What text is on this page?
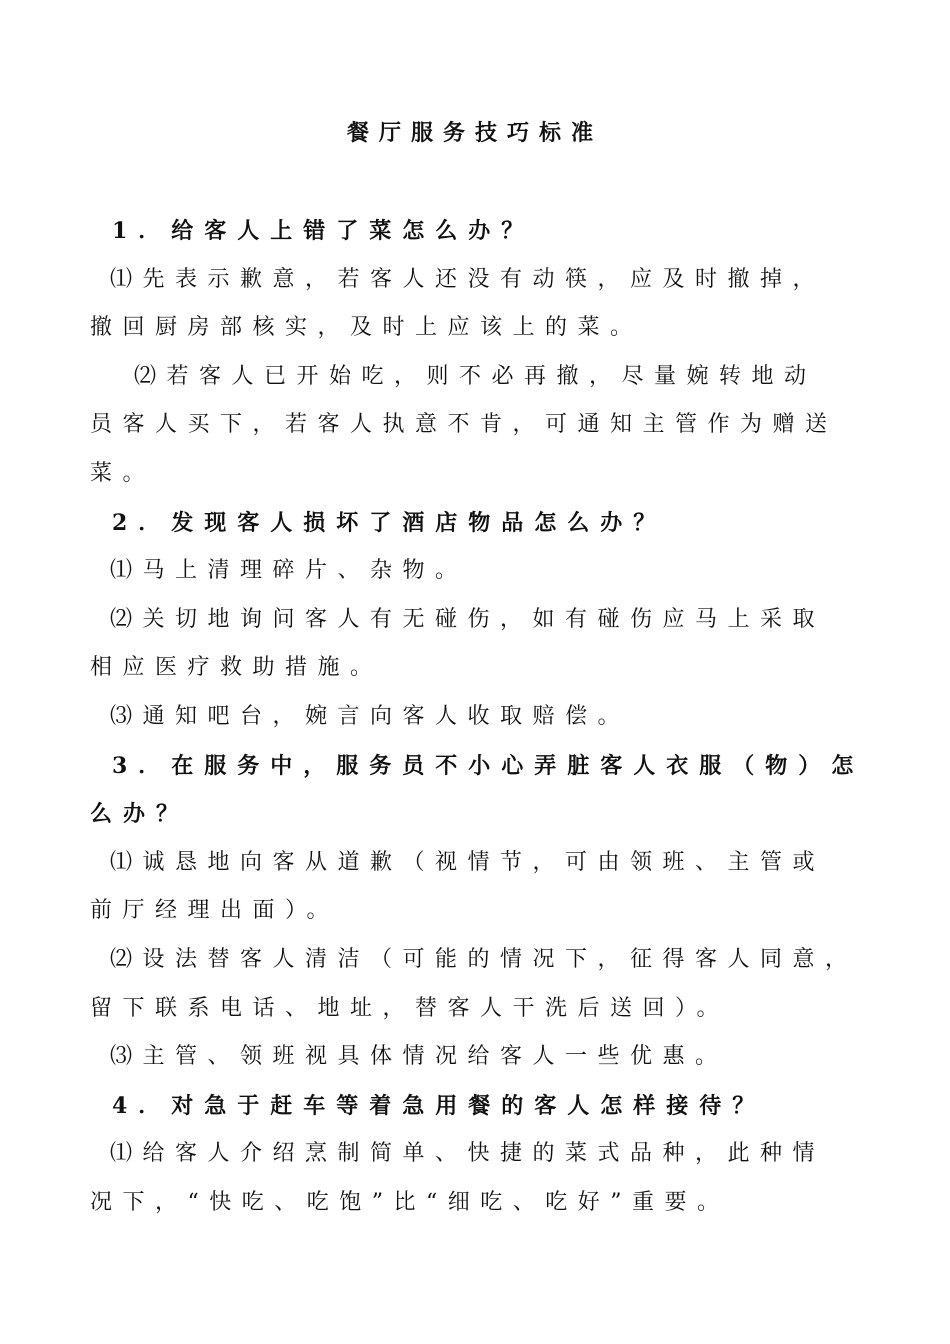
餐厅服务技巧标准
1．给客人上错了菜怎么办？
⑴先表示歉意，若客人还没有动筷，应及时撤掉，
撤回厨房部核实，及时上应该上的菜。
⑵若客人已开始吃，则不必再撤，尽量婉转地动
员客人买下，若客人执意不肯，可通知主管作为赠送
菜。
2．发现客人损坏了酒店物品怎么办？
⑴马上清理碎片、杂物。
⑵关切地询问客人有无碰伤，如有碰伤应马上采取
相应医疗救助措施。
⑶通知吧台，婉言向客人收取赔偿。
3．在服务中，服务员不小心弄脏客人衣服（物）怎
么办？
⑴诚恳地向客从道歉（视情节，可由领班、主管或
前厅经理出面）。
⑵设法替客人清洁（可能的情况下，征得客人同意，
留下联系电话、地址，替客人干洗后送回）。
⑶主管、领班视具体情况给客人一些优惠。
4．对急于赶车等着急用餐的客人怎样接待？
⑴给客人介绍烹制简单、快捷的菜式品种，此种情
况下，“快吃、吃饱”比“细吃、吃好”重要。
